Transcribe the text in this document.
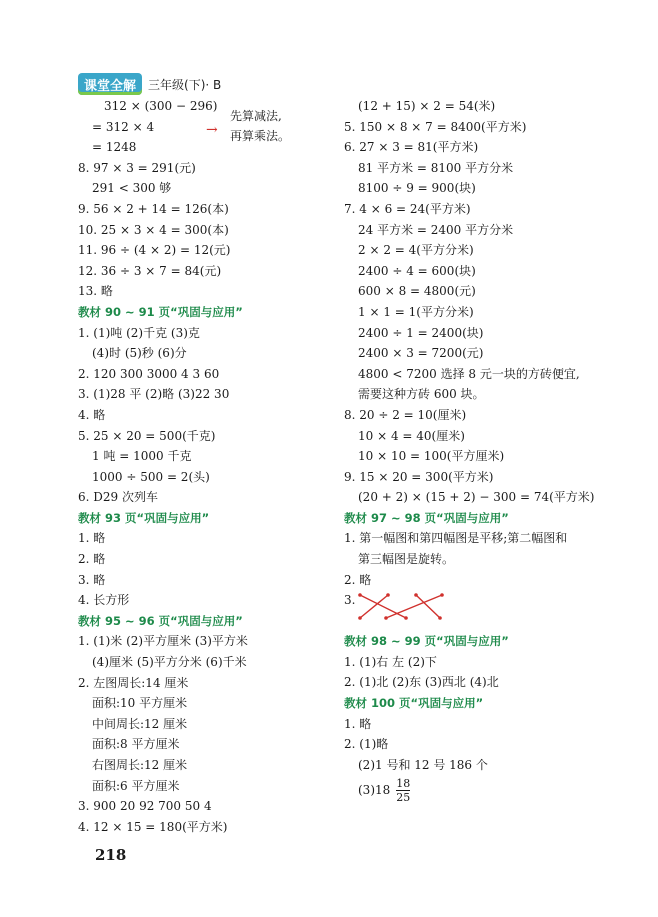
课堂全解	三年级(下)· B
312 × (300 − 296)
= 312 × 4
= 1248
→
先算减法,
再算乘法。
8. 97 × 3 = 291(元)
291 < 300 够
9. 56 × 2 + 14 = 126(本)
10. 25 × 3 × 4 = 300(本)
11. 96 ÷ (4 × 2) = 12(元)
12. 36 ÷ 3 × 7 = 84(元)
13. 略
教材 90 ~ 91 页“巩固与应用”
1. (1)吨 (2)千克 (3)克
(4)时 (5)秒 (6)分
2. 120 300 3000 4 3 60
3. (1)28 平 (2)略 (3)22 30
4. 略
5. 25 × 20 = 500(千克)
1 吨 = 1000 千克
1000 ÷ 500 = 2(头)
6. D29 次列车
教材 93 页“巩固与应用”
1. 略
2. 略
3. 略
4. 长方形
教材 95 ~ 96 页“巩固与应用”
1. (1)米 (2)平方厘米 (3)平方米
(4)厘米 (5)平方分米 (6)千米
2. 左图周长:14 厘米
面积:10 平方厘米
中间周长:12 厘米
面积:8 平方厘米
右图周长:12 厘米
面积:6 平方厘米
3. 900 20 92 700 50 4
4. 12 × 15 = 180(平方米)
(12 + 15) × 2 = 54(米)
5. 150 × 8 × 7 = 8400(平方米)
6. 27 × 3 = 81(平方米)
81 平方米 = 8100 平方分米
8100 ÷ 9 = 900(块)
7. 4 × 6 = 24(平方米)
24 平方米 = 2400 平方分米
2 × 2 = 4(平方分米)
2400 ÷ 4 = 600(块)
600 × 8 = 4800(元)
1 × 1 = 1(平方分米)
2400 ÷ 1 = 2400(块)
2400 × 3 = 7200(元)
4800 < 7200 选择 8 元一块的方砖便宜,
需要这种方砖 600 块。
8. 20 ÷ 2 = 10(厘米)
10 × 4 = 40(厘米)
10 × 10 = 100(平方厘米)
9. 15 × 20 = 300(平方米)
(20 + 2) × (15 + 2) − 300 = 74(平方米)
教材 97 ~ 98 页“巩固与应用”
1. 第一幅图和第四幅图是平移;第二幅图和
第三幅图是旋转。
2. 略
3.
教材 98 ~ 99 页“巩固与应用”
1. (1)右 左 (2)下
2. (1)北 (2)东 (3)西北 (4)北
教材 100 页“巩固与应用”
1. 略
2. (1)略
(2)1 号和 12 号 186 个
$(3)18 \frac{18}{25}$
218
